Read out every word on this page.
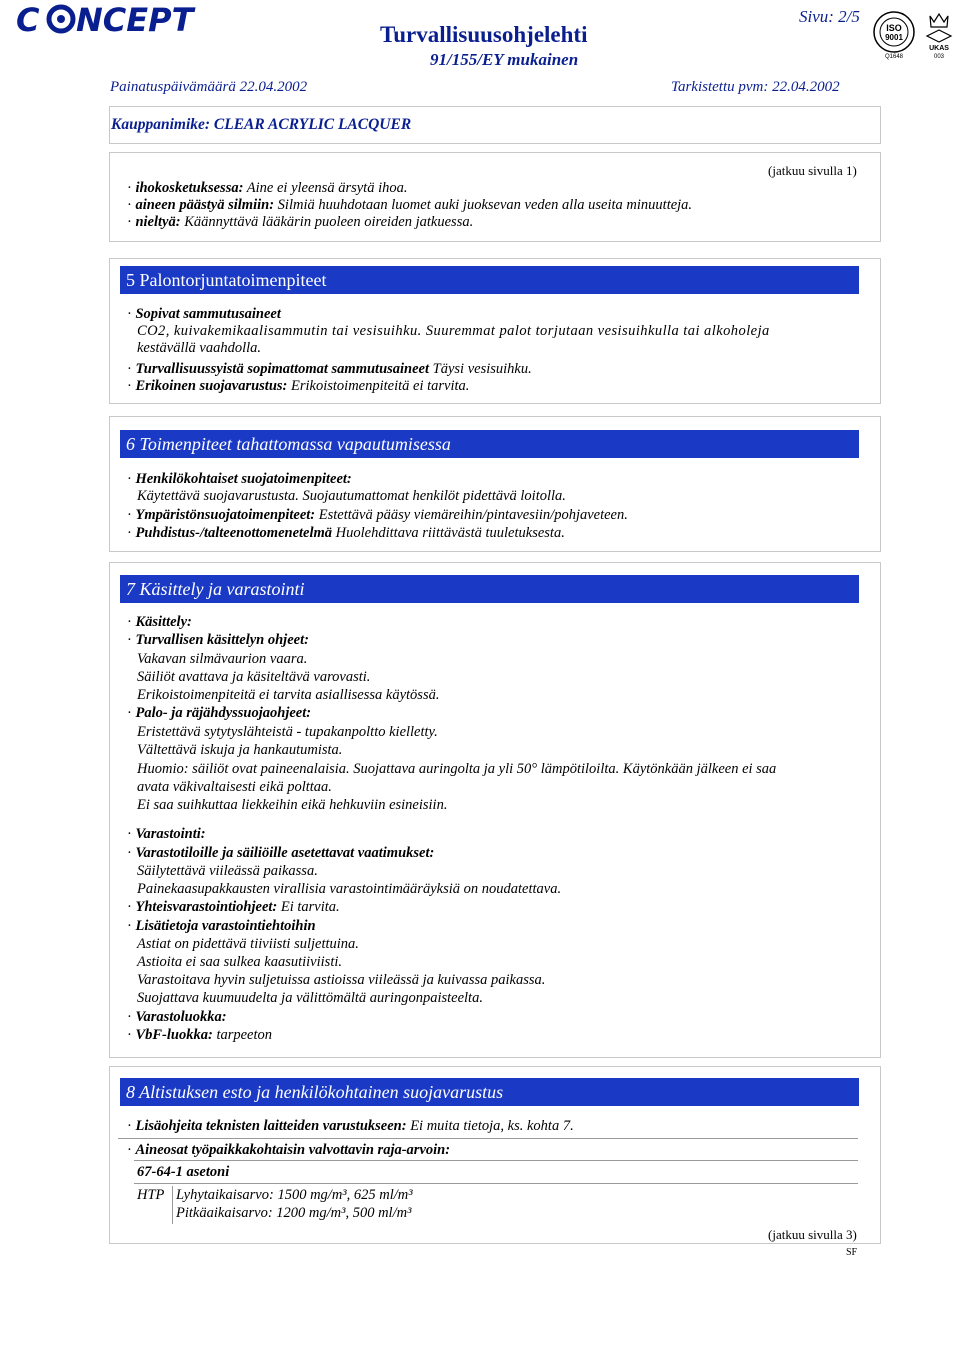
C NCEPT	Turvallisuusohjelehti
91/155/EY mukainen
Sivu: 2/5
ISO
9001
Q1648
UKAS
003
Painatuspäivämäärä 22.04.2002	Tarkistettu pvm: 22.04.2002
Kauppanimike: CLEAR ACRYLIC LACQUER
(jatkuu sivulla 1)
· ihokosketuksessa: Aine ei yleensä ärsytä ihoa.
· aineen päästyä silmiin: Silmiä huuhdotaan luomet auki juoksevan veden alla useita minuutteja.
· nieltyä: Käännyttävä lääkärin puoleen oireiden jatkuessa.
5 Palontorjuntatoimenpiteet
· Sopivat sammutusaineet
CO2, kuivakemikaalisammutin tai vesisuihku. Suuremmat palot torjutaan vesisuihkulla tai alkoholeja
kestävällä vaahdolla.
· Turvallisuussyistä sopimattomat sammutusaineet Täysi vesisuihku.
· Erikoinen suojavarustus: Erikoistoimenpiteitä ei tarvita.
6 Toimenpiteet tahattomassa vapautumisessa
· Henkilökohtaiset suojatoimenpiteet:
Käytettävä suojavarustusta. Suojautumattomat henkilöt pidettävä loitolla.
· Ympäristönsuojatoimenpiteet: Estettävä pääsy viemäreihin/pintavesiin/pohjaveteen.
· Puhdistus-/talteenottomenetelmä Huolehdittava riittävästä tuuletuksesta.
7 Käsittely ja varastointi
· Käsittely:
· Turvallisen käsittelyn ohjeet:
Vakavan silmävaurion vaara.
Säiliöt avattava ja käsiteltävä varovasti.
Erikoistoimenpiteitä ei tarvita asiallisessa käytössä.
· Palo- ja räjähdyssuojaohjeet:
Eristettävä sytytyslähteistä - tupakanpoltto kielletty.
Vältettävä iskuja ja hankautumista.
Huomio: säiliöt ovat paineenalaisia. Suojattava auringolta ja yli 50° lämpötiloilta. Käytönkään jälkeen ei saa
avata väkivaltaisesti eikä polttaa.
Ei saa suihkuttaa liekkeihin eikä hehkuviin esineisiin.
· Varastointi:
· Varastotiloille ja säiliöille asetettavat vaatimukset:
Säilytettävä viileässä paikassa.
Painekaasupakkausten virallisia varastointimääräyksiä on noudatettava.
· Yhteisvarastointiohjeet: Ei tarvita.
· Lisätietoja varastointiehtoihin
Astiat on pidettävä tiiviisti suljettuina.
Astioita ei saa sulkea kaasutiiviisti.
Varastoitava hyvin suljetuissa astioissa viileässä ja kuivassa paikassa.
Suojattava kuumuudelta ja välittömältä auringonpaisteelta.
· Varastoluokka:
· VbF-luokka: tarpeeton
8 Altistuksen esto ja henkilökohtainen suojavarustus
· Lisäohjeita teknisten laitteiden varustukseen: Ei muita tietoja, ks. kohta 7.
· Aineosat työpaikkakohtaisin valvottavin raja-arvoin:
67-64-1 asetoni
HTP Lyhytaikaisarvo: 1500 mg/m³, 625 ml/m³
Pitkäaikaisarvo: 1200 mg/m³, 500 ml/m³
(jatkuu sivulla 3)
SF
